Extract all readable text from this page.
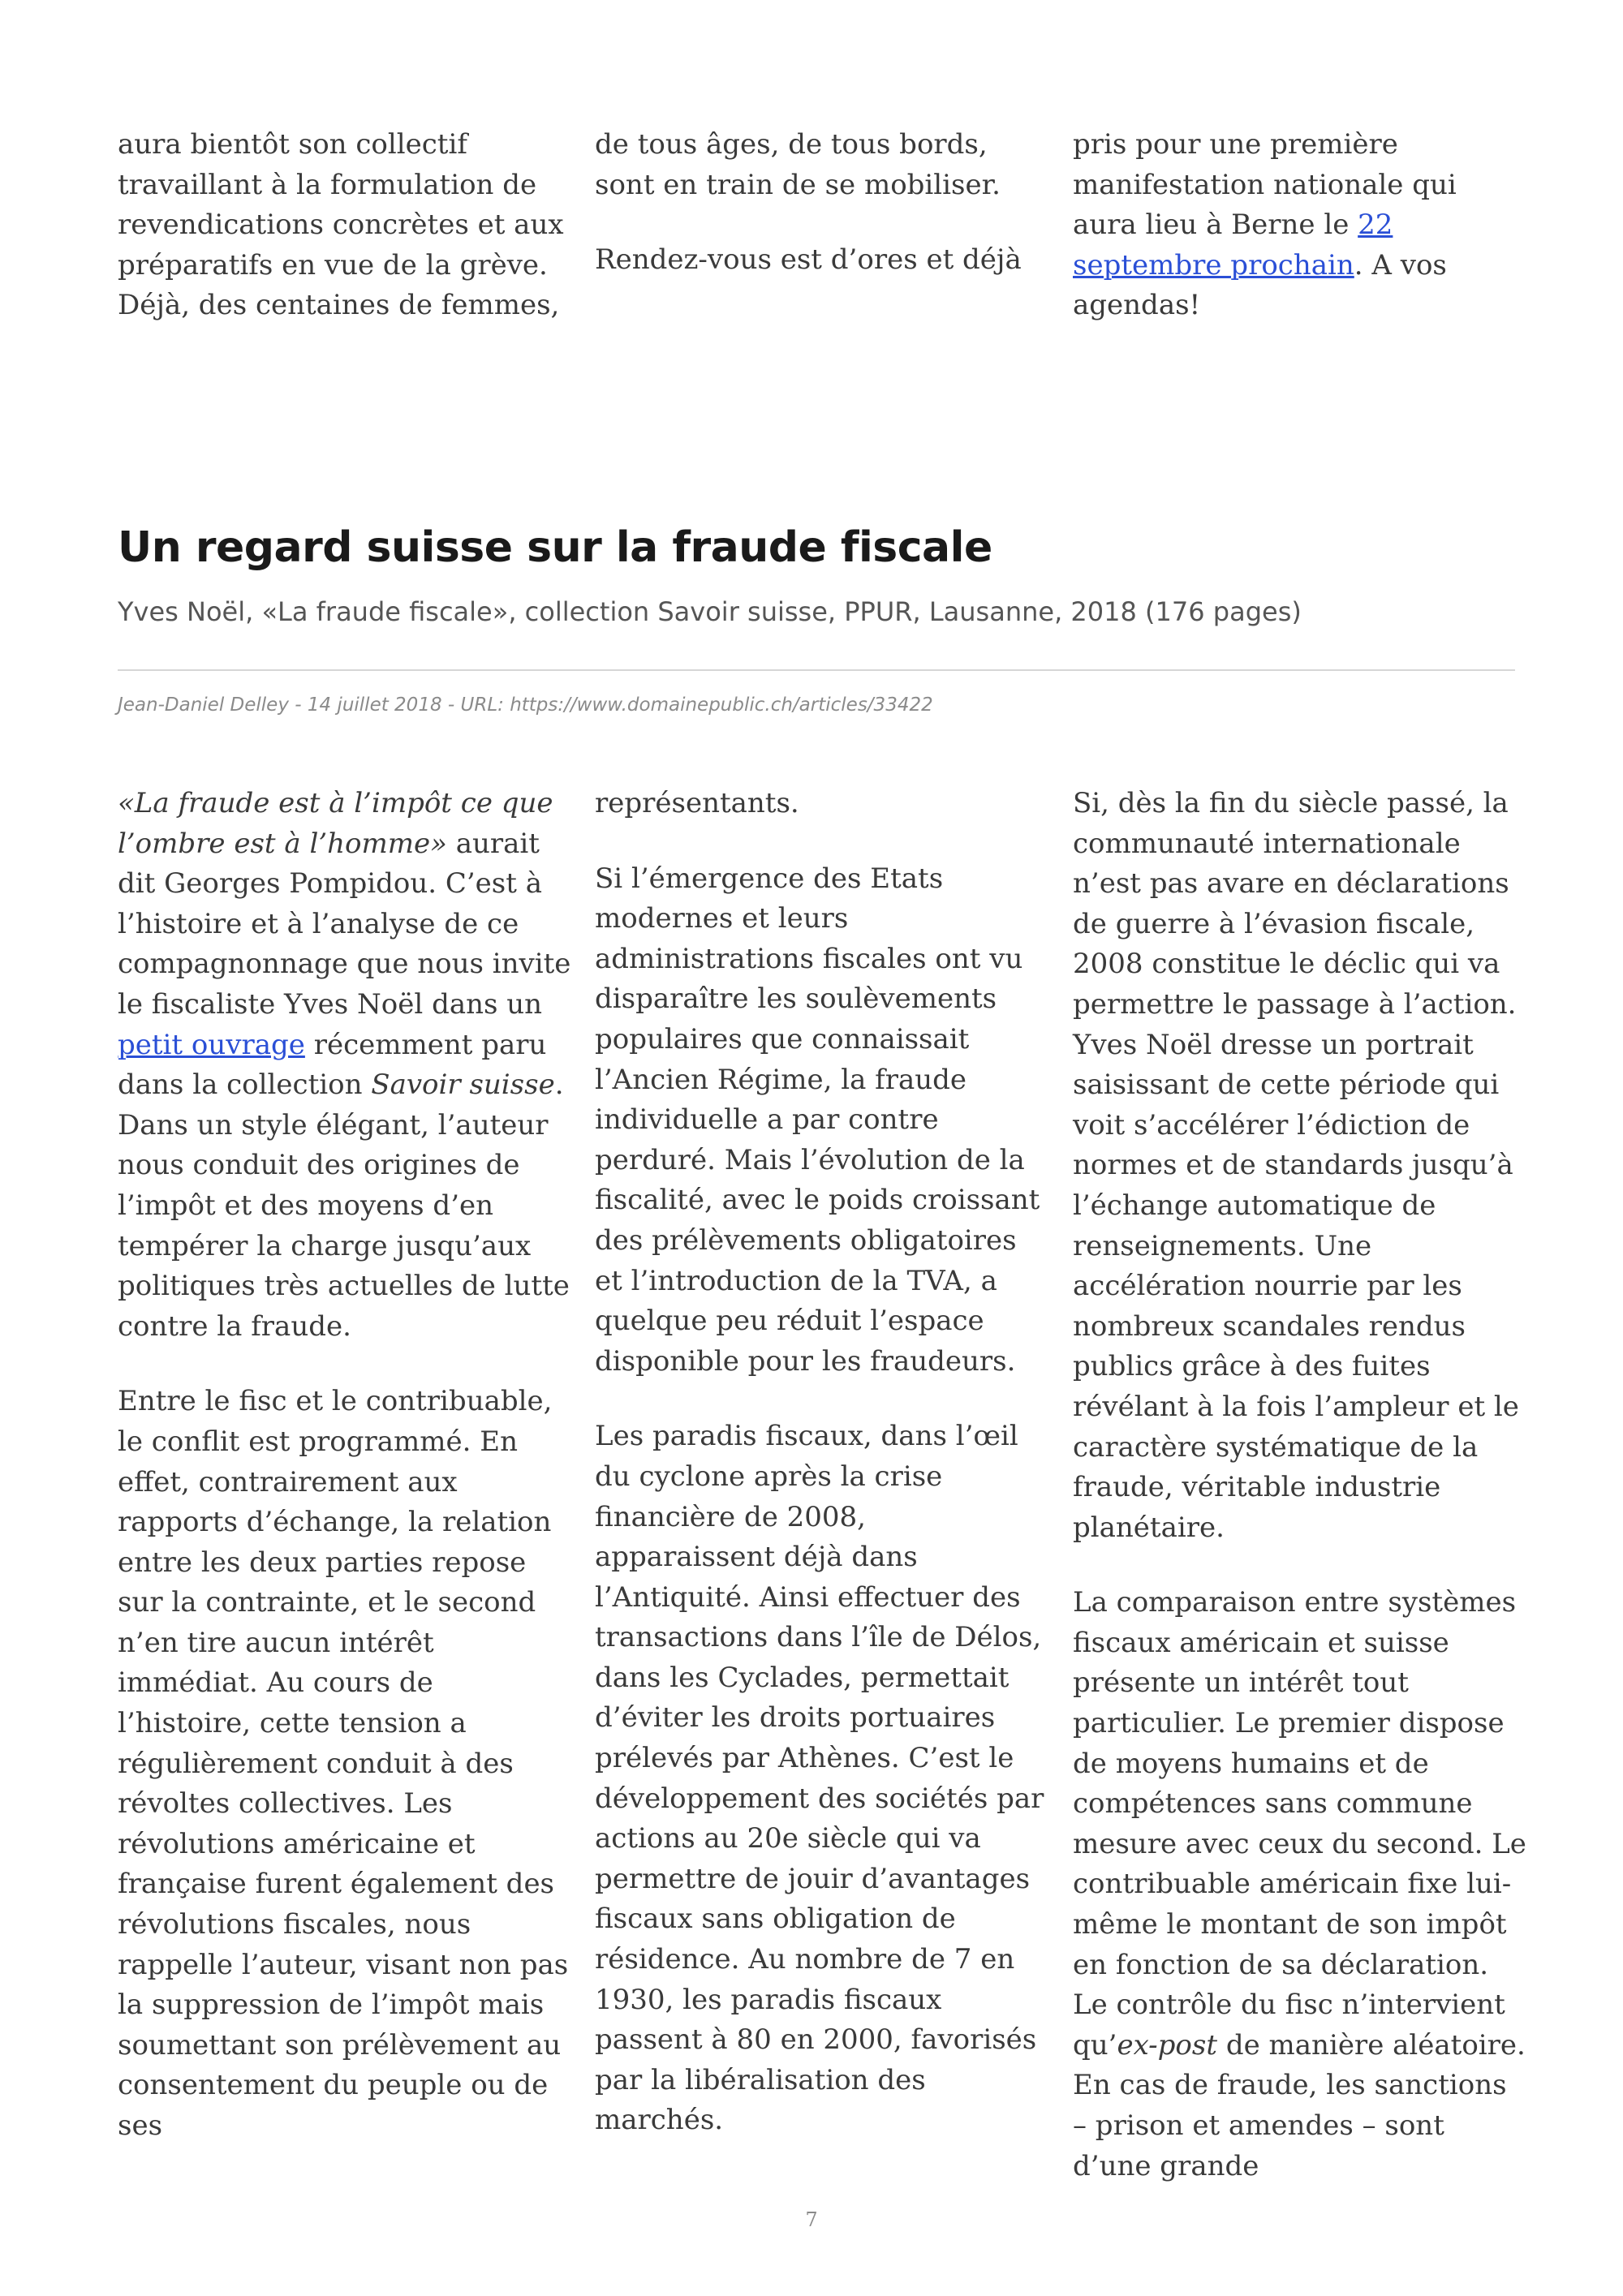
aura bientôt son collectif travaillant à la formulation de revendications concrètes et aux préparatifs en vue de la grève. Déjà, des centaines de femmes,

de tous âges, de tous bords, sont en train de se mobiliser.

Rendez-vous est d’ores et déjà

pris pour une première manifestation nationale qui aura lieu à Berne le 22 septembre prochain. A vos agendas!

Un regard suisse sur la fraude fiscale
Yves Noël, «La fraude fiscale», collection Savoir suisse, PPUR, Lausanne, 2018 (176 pages)
Jean-Daniel Delley - 14 juillet 2018 - URL: https://www.domainepublic.ch/articles/33422

«La fraude est à l’impôt ce que l’ombre est à l’homme» aurait dit Georges Pompidou. C’est à l’histoire et à l’analyse de ce compagnonnage que nous invite le fiscaliste Yves Noël dans un petit ouvrage récemment paru dans la collection Savoir suisse. Dans un style élégant, l’auteur nous conduit des origines de l’impôt et des moyens d’en tempérer la charge jusqu’aux politiques très actuelles de lutte contre la fraude.

Entre le fisc et le contribuable, le conflit est programmé. En effet, contrairement aux rapports d’échange, la relation entre les deux parties repose sur la contrainte, et le second n’en tire aucun intérêt immédiat. Au cours de l’histoire, cette tension a régulièrement conduit à des révoltes collectives. Les révolutions américaine et française furent également des révolutions fiscales, nous rappelle l’auteur, visant non pas la suppression de l’impôt mais soumettant son prélèvement au consentement du peuple ou de ses

représentants.

Si l’émergence des Etats modernes et leurs administrations fiscales ont vu disparaître les soulèvements populaires que connaissait l’Ancien Régime, la fraude individuelle a par contre perduré. Mais l’évolution de la fiscalité, avec le poids croissant des prélèvements obligatoires et l’introduction de la TVA, a quelque peu réduit l’espace disponible pour les fraudeurs.

Les paradis fiscaux, dans l’œil du cyclone après la crise financière de 2008, apparaissent déjà dans l’Antiquité. Ainsi effectuer des transactions dans l’île de Délos, dans les Cyclades, permettait d’éviter les droits portuaires prélevés par Athènes. C’est le développement des sociétés par actions au 20e siècle qui va permettre de jouir d’avantages fiscaux sans obligation de résidence. Au nombre de 7 en 1930, les paradis fiscaux passent à 80 en 2000, favorisés par la libéralisation des marchés.

Si, dès la fin du siècle passé, la communauté internationale n’est pas avare en déclarations de guerre à l’évasion fiscale, 2008 constitue le déclic qui va permettre le passage à l’action. Yves Noël dresse un portrait saisissant de cette période qui voit s’accélérer l’édiction de normes et de standards jusqu’à l’échange automatique de renseignements. Une accélération nourrie par les nombreux scandales rendus publics grâce à des fuites révélant à la fois l’ampleur et le caractère systématique de la fraude, véritable industrie planétaire.

La comparaison entre systèmes fiscaux américain et suisse présente un intérêt tout particulier. Le premier dispose de moyens humains et de compétences sans commune mesure avec ceux du second. Le contribuable américain fixe lui-même le montant de son impôt en fonction de sa déclaration. Le contrôle du fisc n’intervient qu’ex-post de manière aléatoire. En cas de fraude, les sanctions – prison et amendes – sont d’une grande

7
